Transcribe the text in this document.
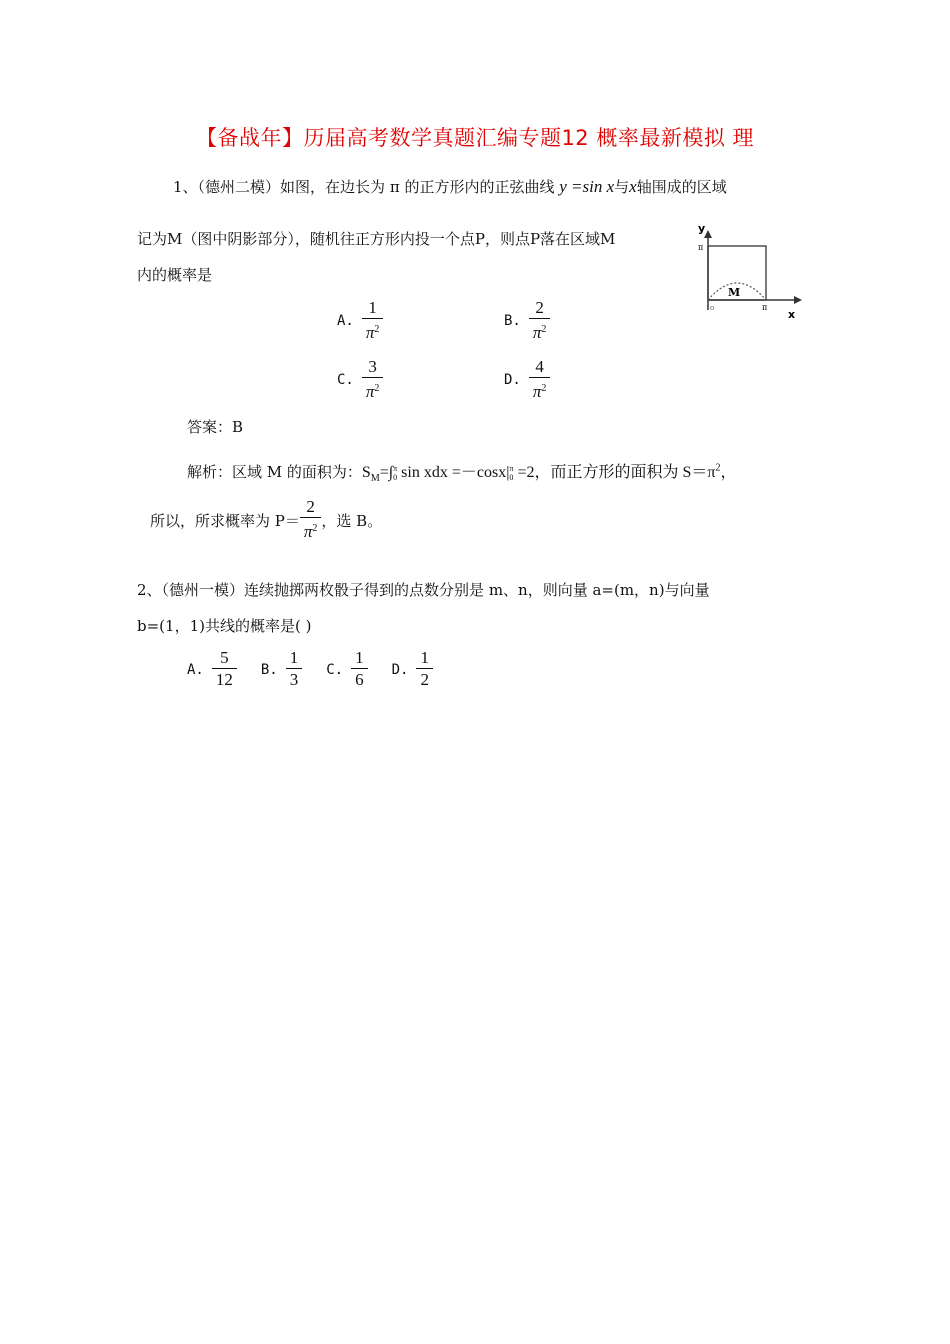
【备战年】历届高考数学真题汇编专题12 概率最新模拟 理
1、（德州二模）如图，在边长为 π 的正方形内的正弦曲线 y =sin x与x轴围成的区域
记为M（图中阴影部分），随机往正方形内投一个点P，则点P落在区域M
内的概率是
y
π
π
o
M
x
A. $\frac{1}{\pi^2}$	B. $\frac{2}{\pi^2}$
C. $\frac{3}{\pi^2}$	D. $\frac{4}{\pi^2}$
答案：B
解析：区域 M 的面积为： $S_M=\int$ π
0 sin xdx =－cosx| π
0 =2，而正方形的面积为 $S=\pi^2$，
所以，所求概率为 $P= \frac{2}{\pi^2}$ ，选 B。
2、（德州一模）连续抛掷两枚骰子得到的点数分别是 m、n，则向量 a=(m，n)与向量
b=(1，1)共线的概率是( )
A. $\frac{5}{12} B$. $\frac{1}{3} C$. $\frac{1}{6} D$. $\frac{1}{2}$
